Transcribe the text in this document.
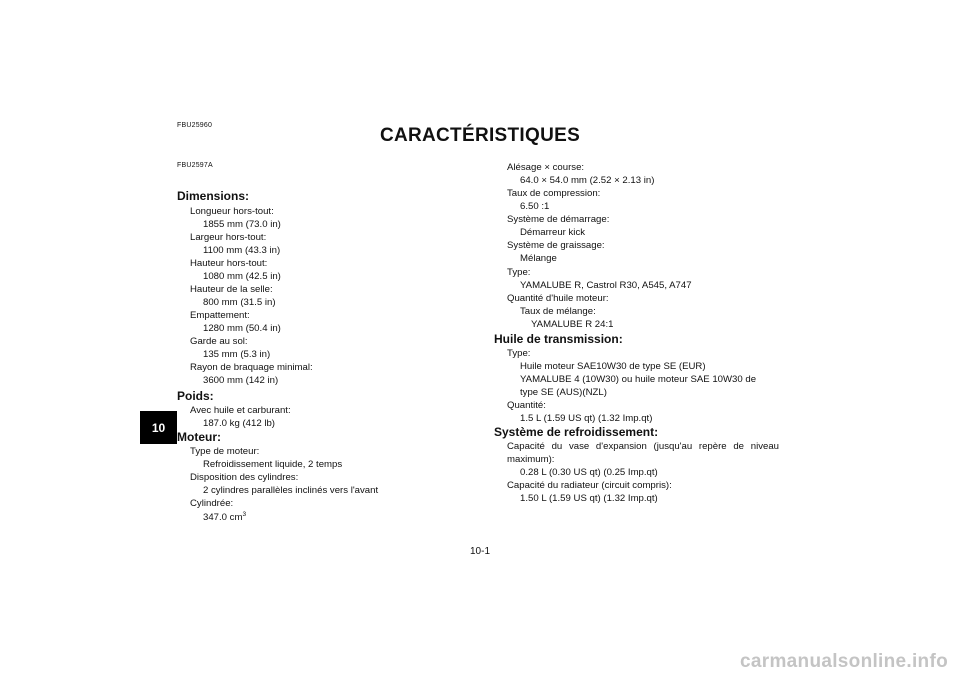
FBU25960	CARACTÉRISTIQUES
FBU2597A
10
Dimensions:
Longueur hors-tout:
1855 mm (73.0 in)
Largeur hors-tout:
1100 mm (43.3 in)
Hauteur hors-tout:
1080 mm (42.5 in)
Hauteur de la selle:
800 mm (31.5 in)
Empattement:
1280 mm (50.4 in)
Garde au sol:
135 mm (5.3 in)
Rayon de braquage minimal:
3600 mm (142 in)
Poids:
Avec huile et carburant:
187.0 kg (412 lb)
Moteur:
Type de moteur:
Refroidissement liquide, 2 temps
Disposition des cylindres:
2 cylindres parallèles inclinés vers l'avant
Cylindrée:
347.0 $cm^3$
Alésage × course:
64.0 × 54.0 mm (2.52 × 2.13 in)
Taux de compression:
6.50 :1
Système de démarrage:
Démarreur kick
Système de graissage:
Mélange
Type:
YAMALUBE R, Castrol R30, A545, A747
Quantité d'huile moteur:
Taux de mélange:
YAMALUBE R 24:1
Huile de transmission:
Type:
Huile moteur SAE10W30 de type SE (EUR)
YAMALUBE 4 (10W30) ou huile moteur SAE 10W30 de
type SE (AUS)(NZL)
Quantité:
1.5 L (1.59 US qt) (1.32 Imp.qt)
Système de refroidissement:
Capacité du vase d'expansion (jusqu'au repère de niveau
maximum):
0.28 L (0.30 US qt) (0.25 Imp.qt)
Capacité du radiateur (circuit compris):
1.50 L (1.59 US qt) (1.32 Imp.qt)
10-1
carmanualsonline.info
